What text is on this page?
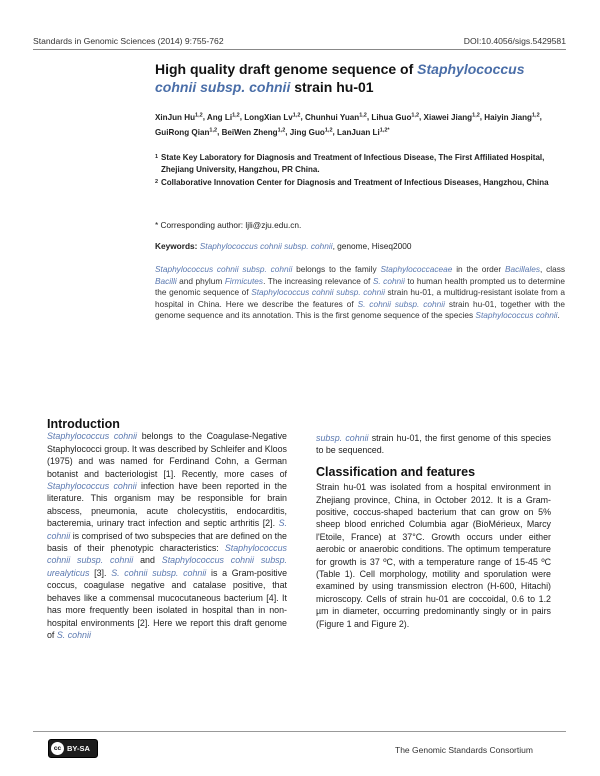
Standards in Genomic Sciences (2014) 9:755-762	DOI:10.4056/sigs.5429581
High quality draft genome sequence of Staphylococcus cohnii subsp. cohnii strain hu-01
XinJun Hu$^{1,2}$, Ang Li$^{1,2}$, LongXian Lv$^{1,2}$, Chunhui Yuan$^{1,2}$, Lihua Guo$^{1,2}$, Xiawei Jiang$^{1,2}$, Haiyin Jiang$^{1,2}$, GuiRong Qian$^{1,2}$, BeiWen Zheng$^{1,2}$, Jing Guo$^{1,2}$, LanJuan $Li^{1,2*}$
1 State Key Laboratory for Diagnosis and Treatment of Infectious Disease, The First Affiliated Hospital, Zhejiang University, Hangzhou, PR China.
2 Collaborative Innovation Center for Diagnosis and Treatment of Infectious Diseases, Hangzhou, China
* Corresponding author: ljli@zju.edu.cn.
Keywords: Staphylococcus cohnii subsp. cohnii, genome, Hiseq2000
Staphylococcus cohnii subsp. cohnii belongs to the family Staphylococcaceae in the order Bacillales, class Bacilli and phylum Firmicutes. The increasing relevance of S. cohnii to human health prompted us to determine the genomic sequence of Staphylococcus cohnii subsp. cohnii strain hu-01, a multidrug-resistant isolate from a hospital in China. Here we describe the features of S. cohnii subsp. cohnii strain hu-01, together with the genome sequence and its annotation. This is the first genome sequence of the species Staphylococcus cohnii.
Introduction
Staphylococcus cohnii belongs to the Coagulase-Negative Staphylococci group. It was described by Schleifer and Kloos (1975) and was named for Ferdinand Cohn, a German botanist and bacteriologist [1]. Recently, more cases of Staphylococcus cohnii infection have been reported in the literature. This organism may be responsible for brain abscess, pneumonia, acute cholecystitis, endocarditis, bacteremia, urinary tract infection and septic arthritis [2]. S. cohnii is comprised of two subspecies that are defined on the basis of their phenotypic characteristics: Staphylococcus cohnii subsp. cohnii and Staphylococcus cohnii subsp. urealyticus [3]. S. cohnii subsp. cohnii is a Gram-positive coccus, coagulase negative and catalase positive, that behaves like a commensal mucocutaneous bacterium [4]. It has more frequently been isolated in hospital than in non-hospital environments [2]. Here we report this draft genome of S. cohnii
subsp. cohnii strain hu-01, the first genome of this species to be sequenced.
Classification and features
Strain hu-01 was isolated from a hospital environment in Zhejiang province, China, in October 2012. It is a Gram-positive, coccus-shaped bacterium that can grow on 5% sheep blood enriched Columbia agar (BioMérieux, Marcy l'Etoile, France) at 37°C. Growth occurs under either aerobic or anaerobic conditions. The optimum temperature for growth is 37 ºC, with a temperature range of 15-45 ºC (Table 1). Cell morphology, motility and sporulation were examined by using transmission electron (H-600, Hitachi) microscopy. Cells of strain hu-01 are coccoidal, 0.6 to 1.2 µm in diameter, occurring predominantly singly or in pairs (Figure 1 and Figure 2).
cc BY-SA	The Genomic Standards Consortium
